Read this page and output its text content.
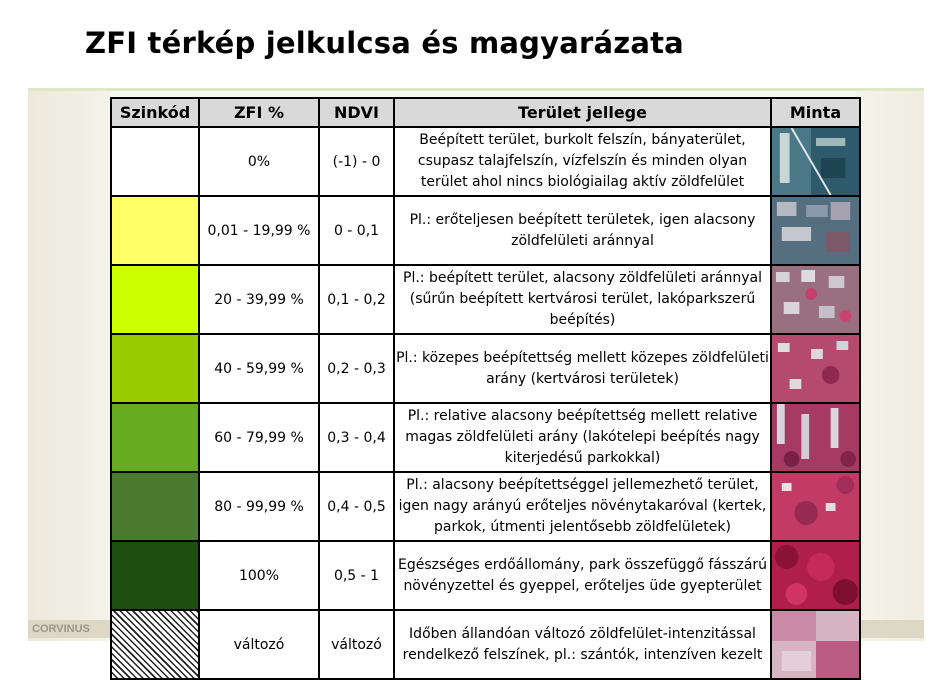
ZFI térkép jelkulcsa és magyarázata
CORVINUS
Szinkód	ZFI %	NDVI	Terület jellege	Minta
	0%	(-1) - 0	Beépített terület, burkolt felszín, bányaterület, csupasz talajfelszín, vízfelszín és minden olyan terület ahol nincs biológiailag aktív zöldfelület	

	0,01 - 19,99 %	0 - 0,1	Pl.: erőteljesen beépített területek, igen alacsony zöldfelületi aránnyal	

	20 - 39,99 %	0,1 - 0,2	Pl.: beépített terület, alacsony zöldfelületi aránnyal (sűrűn beépített kertvárosi terület, lakóparkszerű beépítés)	

	40 - 59,99 %	0,2 - 0,3	Pl.: közepes beépítettség mellett közepes zöldfelületi arány (kertvárosi területek)	

	60 - 79,99 %	0,3 - 0,4	Pl.: relative alacsony beépítettség mellett relative magas zöldfelületi arány (lakótelepi beépítés nagy kiterjedésű parkokkal)	

	80 - 99,99 %	0,4 - 0,5	Pl.: alacsony beépítettséggel jellemezhető terület, igen nagy arányú erőteljes növénytakaróval (kertek, parkok, útmenti jelentősebb zöldfelületek)	

	100%	0,5 - 1	Egészséges erdőállomány, park összefüggő fásszárú növényzettel és gyeppel, erőteljes üde gyepterület	

	változó	változó	Időben állandóan változó zöldfelület-intenzitással rendelkező felszínek, pl.: szántók, intenzíven kezelt	
